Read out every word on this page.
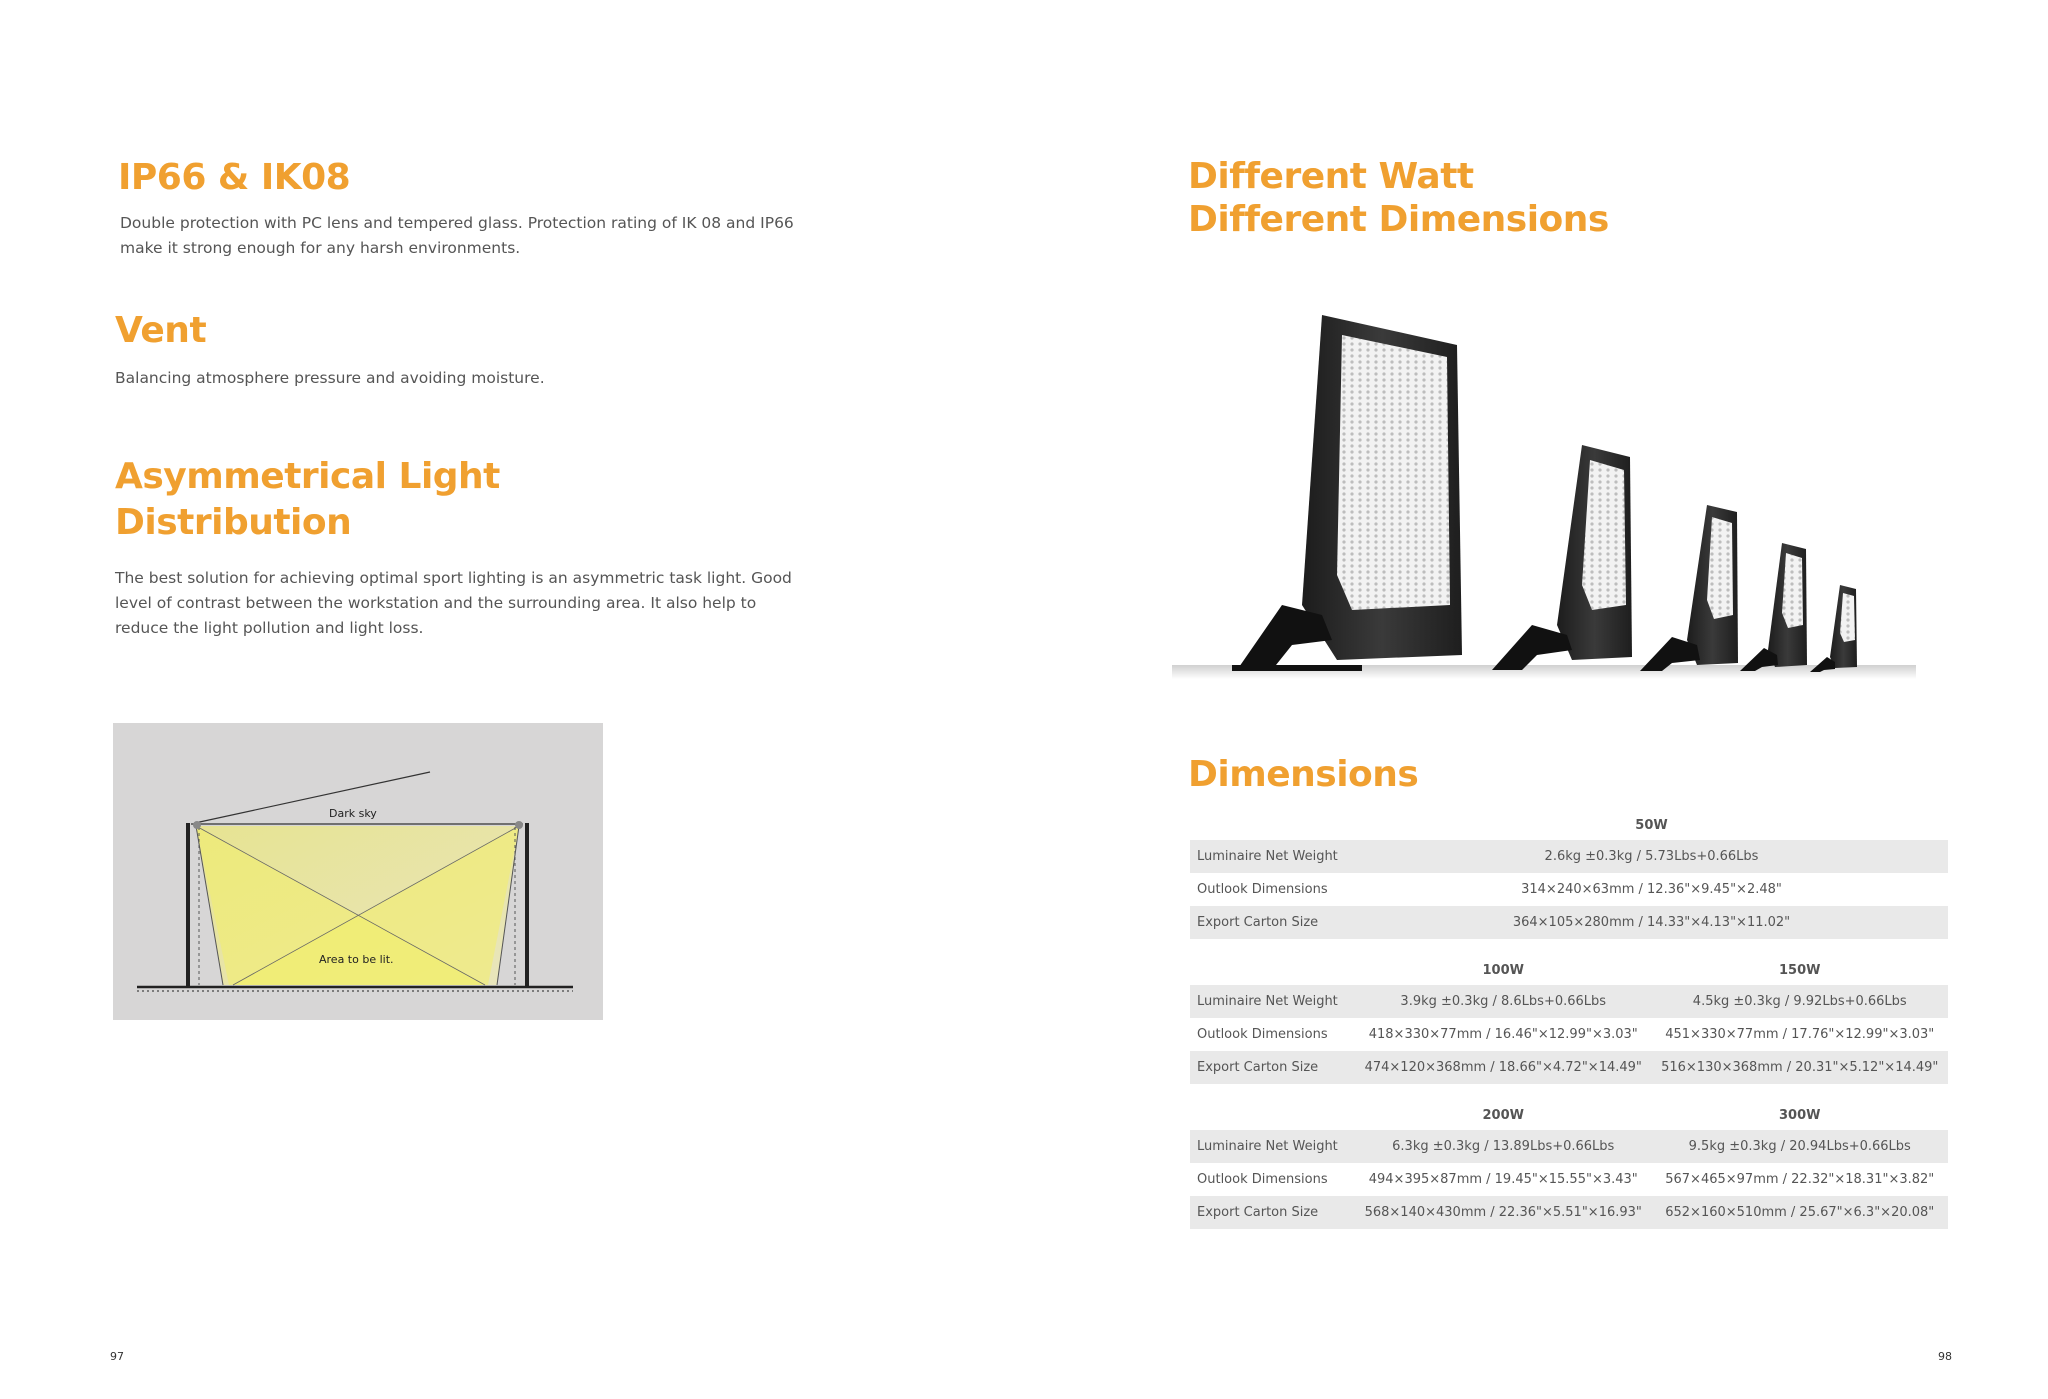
IP66 & IK08

Double protection with PC lens and tempered glass. Protection rating of IK 08 and IP66

make it strong enough for any harsh environments.

Vent

Balancing atmosphere pressure and avoiding moisture.

Asymmetrical Light
Distribution

The best solution for achieving optimal sport lighting is an asymmetric task light. Good

level of contrast between the workstation and the surrounding area. It also help to

reduce the light pollution and light loss.

Dark sky
Area to be lit.
97
Different Watt
Different Dimensions
Dimensions
50W
Luminaire Net Weight	2.6kg ±0.3kg / 5.73Lbs+0.66Lbs
Outlook Dimensions	314×240×63mm / 12.36"×9.45"×2.48"
Export Carton Size	364×105×280mm / 14.33"×4.13"×11.02"
100W	150W
Luminaire Net Weight	3.9kg ±0.3kg / 8.6Lbs+0.66Lbs	4.5kg ±0.3kg / 9.92Lbs+0.66Lbs
Outlook Dimensions	418×330×77mm / 16.46"×12.99"×3.03"	451×330×77mm / 17.76"×12.99"×3.03"
Export Carton Size	474×120×368mm / 18.66"×4.72"×14.49"	516×130×368mm / 20.31"×5.12"×14.49"
200W	300W
Luminaire Net Weight	6.3kg ±0.3kg / 13.89Lbs+0.66Lbs	9.5kg ±0.3kg / 20.94Lbs+0.66Lbs
Outlook Dimensions	494×395×87mm / 19.45"×15.55"×3.43"	567×465×97mm / 22.32"×18.31"×3.82"
Export Carton Size	568×140×430mm / 22.36"×5.51"×16.93"	652×160×510mm / 25.67"×6.3"×20.08"
98
